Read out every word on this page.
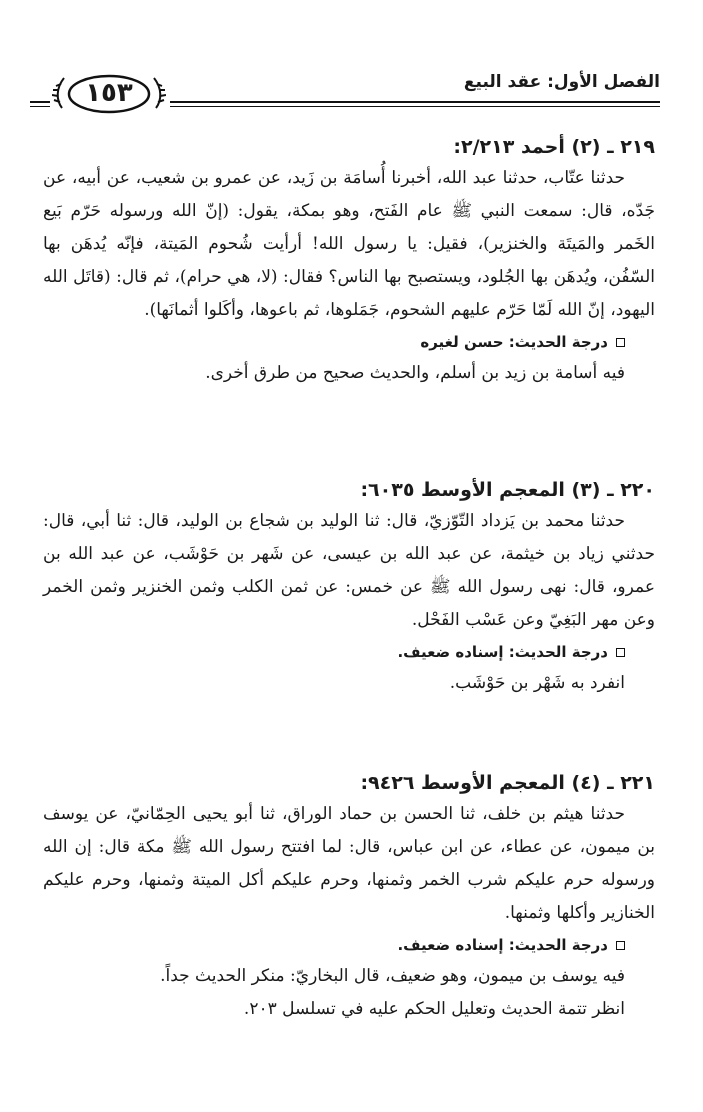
الفصل الأول: عقد البيع
١٥٣
٢١٩ ـ (٢) أحمد ٢/٢١٣:
حدثنا عتّاب، حدثنا عبد الله، أخبرنا أُسامَة بن زَيد، عن عمرو بن شعيب، عن أبيه، عن جَدّه، قال: سمعت النبي ﷺ عام الفَتح، وهو بمكة، يقول: (إنّ الله ورسوله حَرّم بَيع الخَمر والمَيتَة والخنزير)، فقيل: يا رسول الله! أرأيت شُحوم المَيتة، فإنّه يُدهَن بها السّفُن، ويُدهَن بها الجُلود، ويستصبح بها الناس؟ فقال: (لا، هي حرام)، ثم قال: (قاتَل الله اليهود، إنّ الله لَمّا حَرّم عليهم الشحوم، جَمَلوها، ثم باعوها، وأكَلوا أثمانَها).
درجة الحديث: حسن لغيره
فيه أسامة بن زيد بن أسلم، والحديث صحيح من طرق أخرى.
٢٢٠ ـ (٣) المعجم الأوسط ٦٠٣٥:
حدثنا محمد بن يَزداد التّوّزيّ، قال: ثنا الوليد بن شجاع بن الوليد، قال: ثنا أبي، قال: حدثني زياد بن خيثمة، عن عبد الله بن عيسى، عن شَهر بن حَوْشَب، عن عبد الله بن عمرو، قال: نهى رسول الله ﷺ عن خمس: عن ثمن الكلب وثمن الخنزير وثمن الخمر وعن مهر البَغِيّ وعن عَسْب الفَحْل.
درجة الحديث: إسناده ضعيف.
انفرد به شَهْر بن حَوْشَب.
٢٢١ ـ (٤) المعجم الأوسط ٩٤٢٦:
حدثنا هيثم بن خلف، ثنا الحسن بن حماد الوراق، ثنا أبو يحيى الحِمّانيّ، عن يوسف بن ميمون، عن عطاء، عن ابن عباس، قال: لما افتتح رسول الله ﷺ مكة قال: إن الله ورسوله حرم عليكم شرب الخمر وثمنها، وحرم عليكم أكل الميتة وثمنها، وحرم عليكم الخنازير وأكلها وثمنها.
درجة الحديث: إسناده ضعيف.
فيه يوسف بن ميمون، وهو ضعيف، قال البخاريّ: منكر الحديث جداً.
انظر تتمة الحديث وتعليل الحكم عليه في تسلسل ٢٠٣.
